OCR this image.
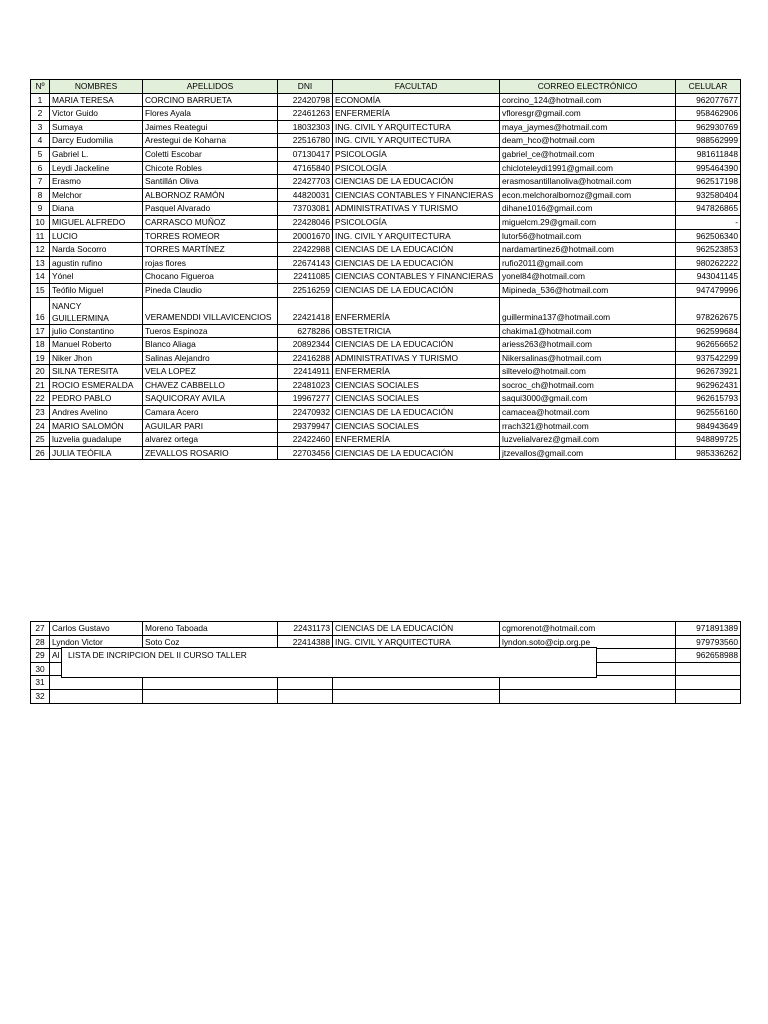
Nº	NOMBRES	APELLIDOS	DNI	FACULTAD	CORREO ELECTRÓNICO	CELULAR
1	MARIA TERESA	CORCINO BARRUETA	22420798	ECONOMÍA	corcino_124@hotmail.com	962077677
2	Victor Guido	Flores Ayala	22461263	ENFERMERÍA	vfloresgr@gmail.com	958462906
3	Sumaya	Jaimes Reategui	18032303	ING. CIVIL Y ARQUITECTURA	maya_jaymes@hotmail.com	962930769
4	Darcy Eudomilia	Arestegui de Koharna	22516780	ING. CIVIL Y ARQUITECTURA	deam_hco@hotmail.com	988562999
5	Gabriel L.	Coletti Escobar	07130417	PSICOLOGÍA	gabriel_ce@hotmail.com	981611848
6	Leydi Jackeline	Chicote Robles	47165840	PSICOLOGÍA	chicloteleydi1991@gmail.com	995464390
7	Erasmo	Santillán Oliva	22427703	CIENCIAS DE LA EDUCACIÓN	erasmosantillanoliva@hotmail.com	962517198
8	Melchor	ALBORNOZ RAMÓN	44820031	CIENCIAS CONTABLES Y FINANCIERAS	econ.melchoralbornoz@gmail.com	932580404
9	Diana	Pasquel Alvarado	73703081	ADMINISTRATIVAS Y TURISMO	dihane1016@gmail.com	947826865
10	MIGUEL ALFREDO	CARRASCO MUÑOZ	22428046	PSICOLOGÍA	miguelcm.29@gmail.com	-
11	LUCIO	TORRES ROMEOR	20001670	ING. CIVIL Y ARQUITECTURA	lutor56@hotmail.com	962506340
12	Narda Socorro	TORRES MARTÍNEZ	22422988	CIENCIAS DE LA EDUCACIÓN	nardamartinez6@hotmail.com	962523853
13	agustin rufino	rojas flores	22674143	CIENCIAS DE LA EDUCACIÓN	rufio2011@gmail.com	980262222
14	Yónel	Chocano Figueroa	22411085	CIENCIAS CONTABLES Y FINANCIERAS	yonel84@hotmail.com	943041145
15	Teófilo Miguel	Pineda Claudio	22516259	CIENCIAS DE LA EDUCACIÓN	Mipineda_536@hotmail.com	947479996
16	NANCY GUILLERMINA	VERAMENDDI VILLAVICENCIOS	22421418	ENFERMERÍA	guillermina137@hotmail.com	978262675
17	julio Constantino	Tueros Espinoza	6278286	OBSTETRICIA	chakima1@hotmail.com	962599684
18	Manuel Roberto	Blanco Aliaga	20892344	CIENCIAS DE LA EDUCACIÓN	ariess263@hotmail.com	962656652
19	Niker Jhon	Salinas Alejandro	22416288	ADMINISTRATIVAS Y TURISMO	Nikersalinas@hotmail.com	937542299
20	SILNA TERESITA	VELA LOPEZ	22414911	ENFERMERÍA	siltevelo@hotmail.com	962673921
21	ROCIO ESMERALDA	CHAVEZ CABBELLO	22481023	CIENCIAS SOCIALES	socroc_ch@hotmail.com	962962431
22	PEDRO PABLO	SAQUICORAY AVILA	19967277	CIENCIAS SOCIALES	saqui3000@gmail.com	962615793
23	Andres Avelino	Camara Acero	22470932	CIENCIAS DE LA EDUCACIÓN	camacea@hotmail.com	962556160
24	MARIO SALOMÓN	AGUILAR PARI	29379947	CIENCIAS SOCIALES	rrach321@hotmail.com	984943649
25	luzvelia guadalupe	alvarez ortega	22422460	ENFERMERÍA	luzvelialvarez@gmail.com	948899725
26	JULIA TEÓFILA	ZEVALLOS ROSARIO	22703456	CIENCIAS DE LA EDUCACIÓN	jtzevallos@gmail.com	985336262
27	Carlos Gustavo	Moreno Taboada	22431173	CIENCIAS DE LA EDUCACIÓN	cgmorenot@hotmail.com	971891389
28	Lyndon Victor	Soto Coz	22414388	ING. CIVIL Y ARQUITECTURA	lyndon.soto@cip.org.pe	979793560
29	Al					962658988
30						
31						
32						
LISTA DE INCRIPCION DEL II CURSO TALLER
